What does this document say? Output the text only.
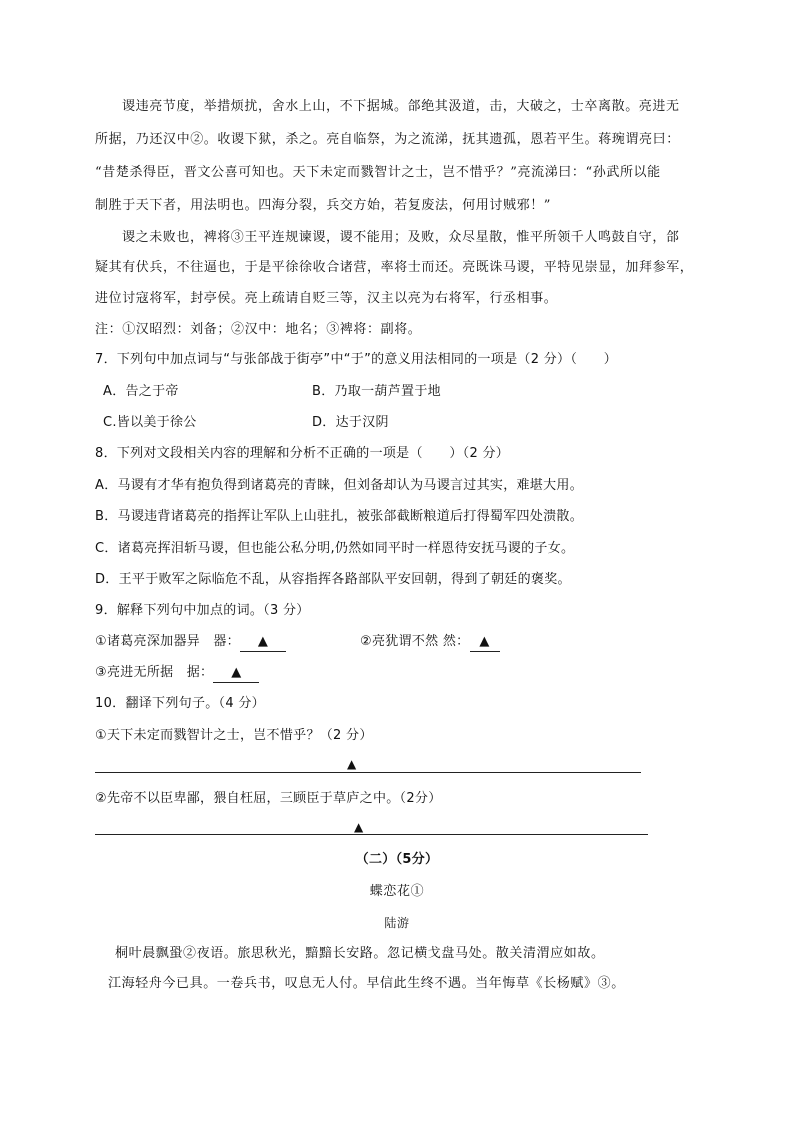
谡违亮节度，举措烦扰，舍水上山，不下据城。郃绝其汲道，击，大破之，士卒离散。亮进无
所据，乃还汉中②。收谡下狱，杀之。亮自临祭，为之流涕，抚其遗孤，恩若平生。蒋琬谓亮曰：
“昔楚杀得臣，晋文公喜可知也。天下未定而戮智计之士，岂不惜乎？”亮流涕曰：“孙武所以能
制胜于天下者，用法明也。四海分裂，兵交方始，若复废法，何用讨贼邪！”
谡之未败也，裨将③王平连规谏谡，谡不能用；及败，众尽星散，惟平所领千人鸣鼓自守，郃
疑其有伏兵，不往逼也，于是平徐徐收合诸营，率将士而还。亮既诛马谡，平特见崇显，加拜参军，
进位讨寇将军，封亭侯。亮上疏请自贬三等，汉主以亮为右将军，行丞相事。
注：①汉昭烈：刘备；②汉中：地名；③裨将：副将。
7．下列句中加点词与“与张郃战于街亭”中“于”的意义用法相同的一项是（2 分）（　　）
A．告之于帝	B．乃取一葫芦置于地
C.皆以美于徐公	D．达于汉阴
8．下列对文段相关内容的理解和分析不正确的一项是（　　）（2 分）
A．马谡有才华有抱负得到诸葛亮的青睐，但刘备却认为马谡言过其实，难堪大用。
B．马谡违背诸葛亮的指挥让军队上山驻扎，被张郃截断粮道后打得蜀军四处溃散。
C．诸葛亮挥泪斩马谡，但也能公私分明,仍然如同平时一样恩待安抚马谡的子女。
D．王平于败军之际临危不乱，从容指挥各路部队平安回朝，得到了朝廷的褒奖。
9．解释下列句中加点的词。（3 分）
①诸葛亮深加器异　器： ▲	②亮犹谓不然 然： ▲
③亮进无所据　据： ▲
10．翻译下列句子。（4 分）
①天下未定而戮智计之士，岂不惜乎？（2 分）
▲
②先帝不以臣卑鄙，猥自枉屈，三顾臣于草庐之中。（2分）
▲
（二）（5分）
蝶恋花①
陆游
桐叶晨飘蛩②夜语。旅思秋光，黯黯长安路。忽记横戈盘马处。散关清渭应如故。
江海轻舟今已具。一卷兵书，叹息无人付。早信此生终不遇。当年悔草《长杨赋》③。
